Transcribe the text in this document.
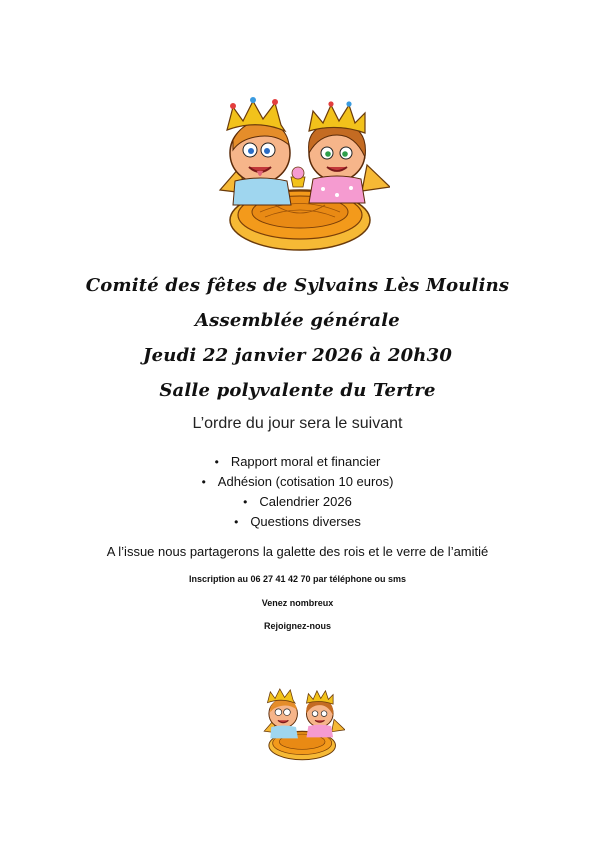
Comité des fêtes de Sylvains Lès Moulins
Assemblée générale
Jeudi 22 janvier 2026 à 20h30
Salle polyvalente du Tertre
L’ordre du jour sera le suivant
• Rapport moral et financier
• Adhésion (cotisation 10 euros)
• Calendrier 2026
• Questions diverses
A l’issue nous partagerons la galette des rois et le verre de l’amitié
Inscription au 06 27 41 42 70 par téléphone ou sms
Venez nombreux
Rejoignez-nous
